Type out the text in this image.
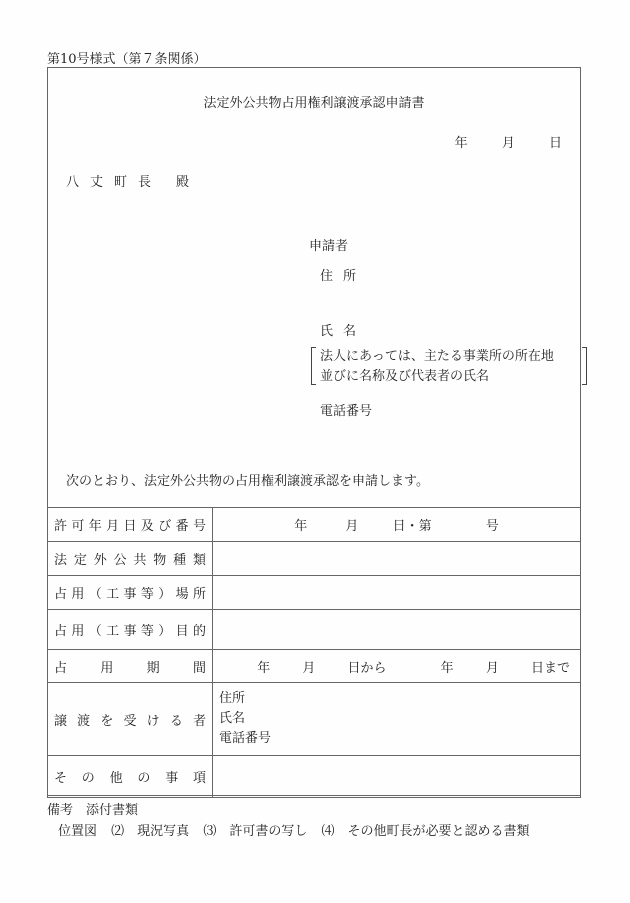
第10号様式（第７条関係）
法定外公共物占用権利譲渡承認申請書
年	月	日
八丈町長 殿
申請者
住所
氏名
法人にあっては、主たる事業所の所在地
並びに名称及び代表者の氏名
電話番号
次のとおり、法定外公共物の占用権利譲渡承認を申請します。
許可年月日及び番号	年 月 日・第 号
法定外公共物種類	
占用（工事等）場所	
占用（工事等）目的	
占用期間	年 月 日から 年 月 日まで
譲渡を受ける者	住所
氏名
電話番号

その他の事項	
備考　添付書類
位置図 ⑵　現況写真 ⑶　許可書の写し ⑷　その他町長が必要と認める書類
